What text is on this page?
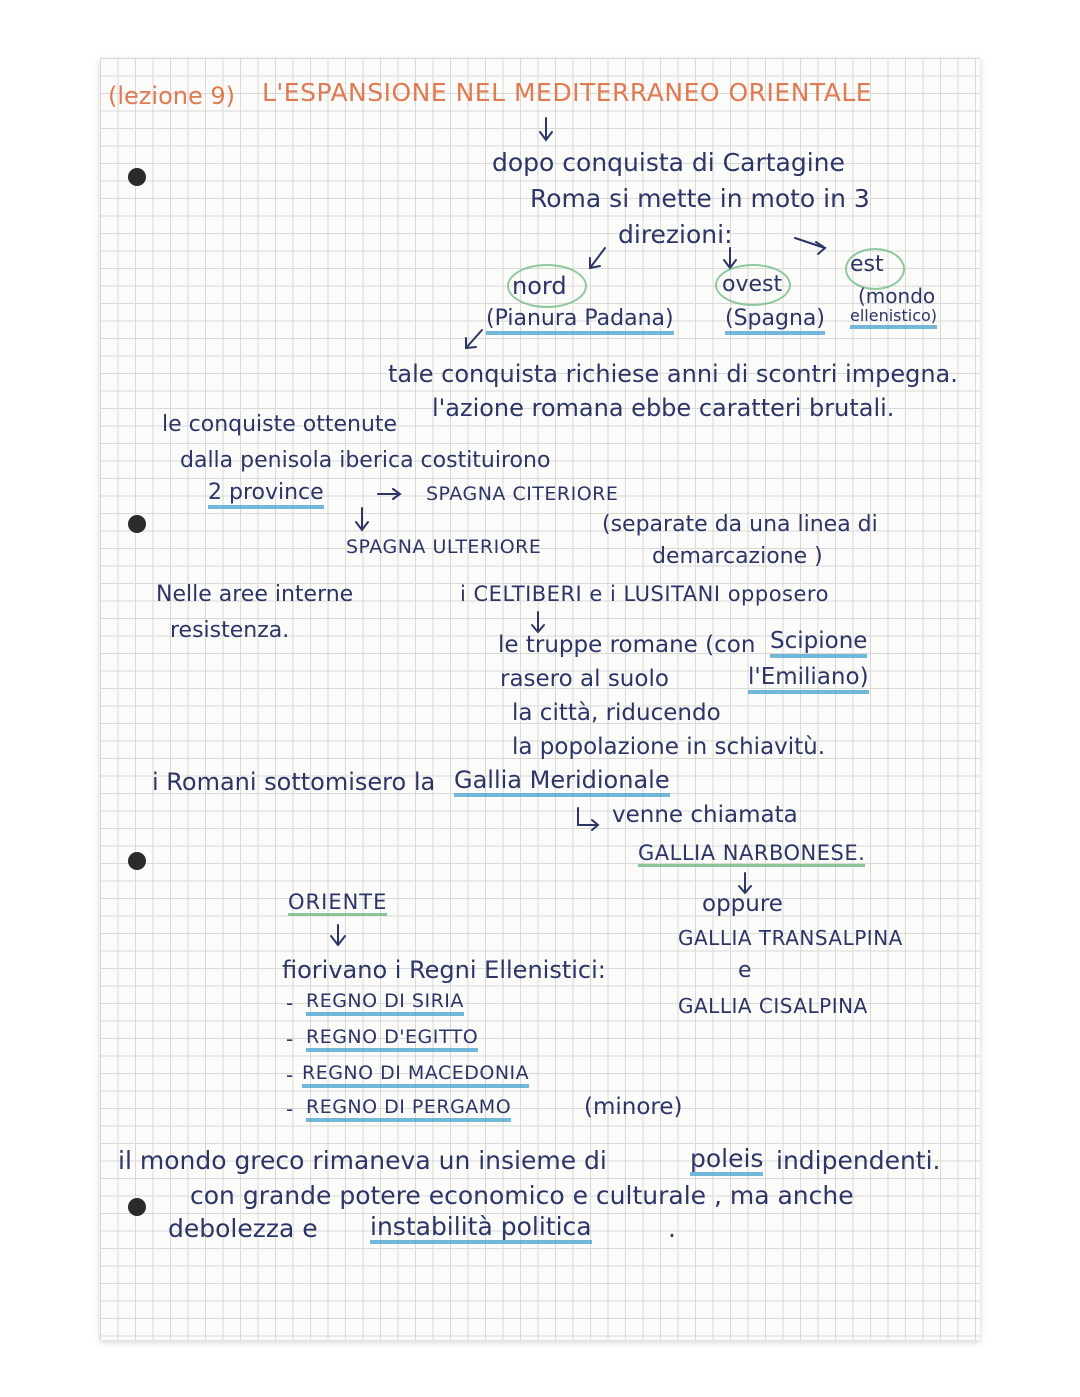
(lezione 9) L'ESPANSIONE NEL MEDITERRANEO ORIENTALE
dopo conquista di Cartagine
Roma si mette in moto in 3
direzioni:
nord	ovest
est
(Pianura Padana) (Spagna)
(mondo
ellenistico)
tale conquista richiese anni di scontri impegna.
l'azione romana ebbe caratteri brutali.
le conquiste ottenute
dalla penisola iberica costituirono
2 province	SPAGNA CITERIORE
SPAGNA ULTERIORE
(separate da una linea di
demarcazione )
Nelle aree interne
resistenza.
i CELTIBERI e i LUSITANI opposero
le truppe romane (con Scipione
rasero al suolo	l'Emiliano)
la città, riducendo
la popolazione in schiavitù.
i Romani sottomisero la Gallia Meridionale
venne chiamata
GALLIA NARBONESE.
oppure
GALLIA TRANSALPINA
e
GALLIA CISALPINA
ORIENTE
fiorivano i Regni Ellenistici:
- REGNO DI SIRIA
- REGNO D'EGITTO
- REGNO DI MACEDONIA
- REGNO DI PERGAMO	(minore)
il mondo greco rimaneva un insieme di	poleis indipendenti.
con grande potere economico e culturale , ma anche
debolezza e instabilità politica	.
